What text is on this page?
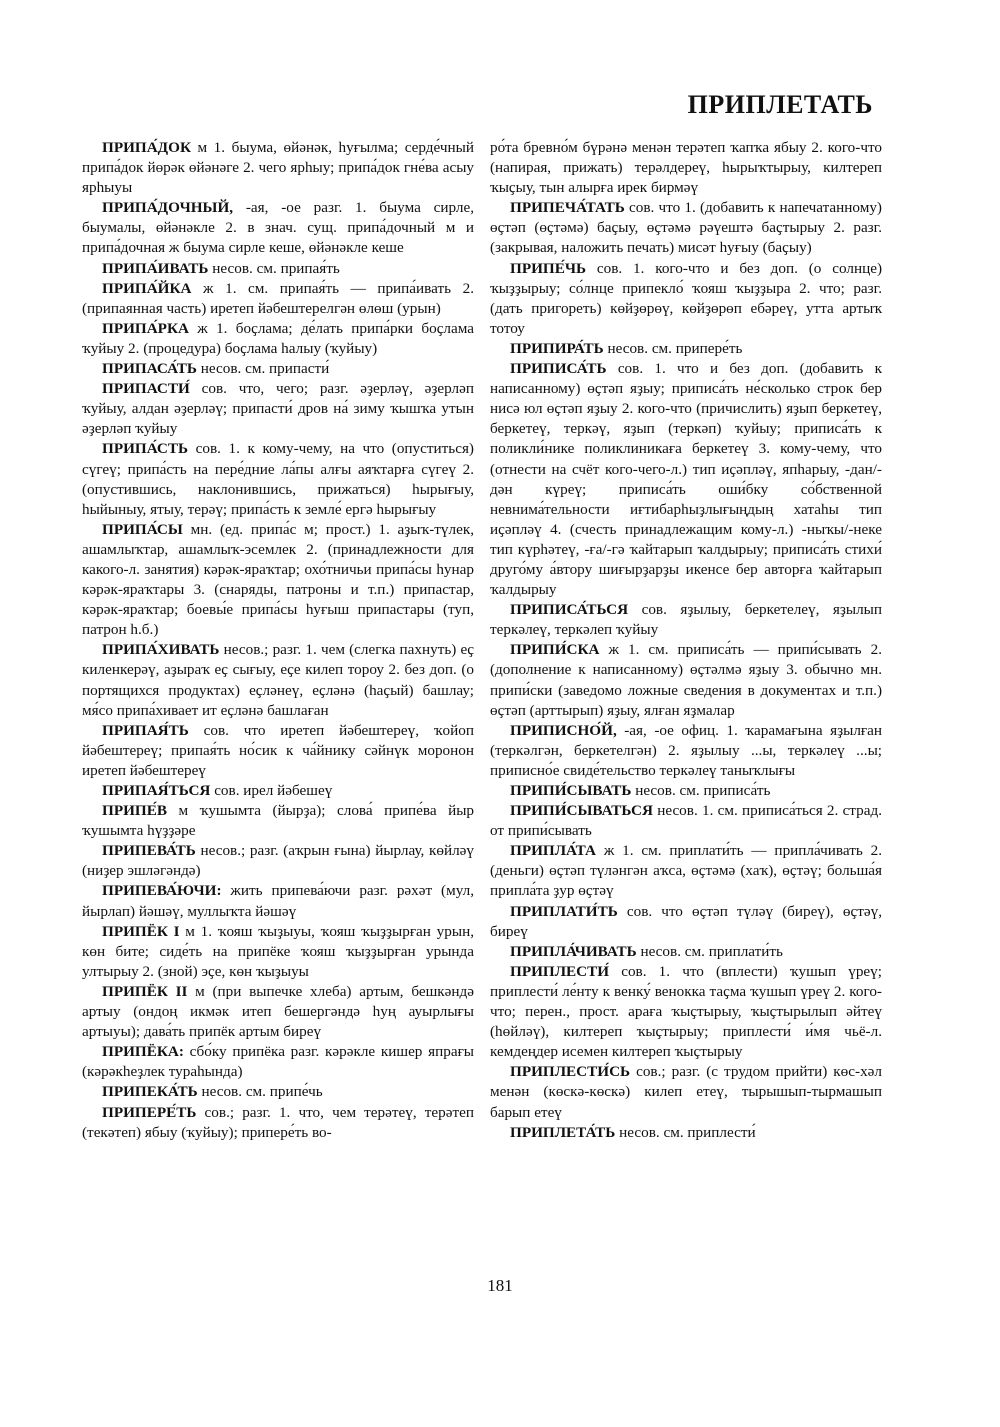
ПРИПЛЕТАТЬ

ПРИПА́ДОК м 1. быума, өйәнәк, һуғылма; серде́чный припа́док йөрәк өйәнәге 2. чего ярһыу; припа́док гне́ва асыу ярһыуы

ПРИПА́ДОЧНЫЙ, -ая, -ое разг. 1. быума сирле, быумалы, өйәнәкле 2. в знач. сущ. припа́дочный м и припа́дочная ж быума сирле кеше, өйәнәкле кеше

ПРИПА́ИВАТЬ несов. см. припая́ть

ПРИПА́ЙКА ж 1. см. припая́ть — припа́ивать 2. (припаянная часть) иретеп йәбештерелгән өлөш (урын)

ПРИПА́РКА ж 1. боҫлама; де́лать припа́рки боҫлама ҡуйыу 2. (процедура) боҫлама һалыу (ҡуйыу)

ПРИПАСА́ТЬ несов. см. припасти́

ПРИПАСТИ́ сов. что, чего; разг. әҙерләү, әҙерләп ҡуйыу, алдан әҙерләү; припасти́ дров на́ зиму ҡышҡа утын әҙерләп ҡуйыу

ПРИПА́СТЬ сов. 1. к кому-чему, на что (опуститься) сүгеү; припа́сть на пере́дние ла́пы алғы аяҡтарға сүгеү 2. (опустившись, наклонившись, прижаться) һырығыу, һыйыныу, ятыу, терәү; припа́сть к земле́ ергә һырығыу

ПРИПА́СЫ мн. (ед. припа́с м; прост.) 1. аҙыҡ-түлек, ашамлыҡтар, ашамлыҡ-эсемлек 2. (принадлежности для какого-л. занятия) кәрәк-яраҡтар; охо́тничьи припа́сы һунар кәрәк-яраҡтары 3. (снаряды, патроны и т.п.) припастар, кәрәк-яраҡтар; боевы́е припа́сы һуғыш припастары (туп, патрон һ.б.)

ПРИПА́ХИВАТЬ несов.; разг. 1. чем (слегка пахнуть) еҫ киленкерәү, аҙыраҡ еҫ сығыу, еҫе килеп тороу 2. без доп. (о портящихся продуктах) еҫләнеү, еҫләнә (һаҫый) башлау; мя́со припа́хивает ит еҫләнә башлаған

ПРИПАЯ́ТЬ сов. что иретеп йәбештереү, ҡойоп йәбештереү; припая́ть но́сик к ча́йнику сәйнүк моронон иретеп йәбештереү

ПРИПАЯ́ТЬСЯ сов. ирел йәбешеү

ПРИПЕ́В м ҡушымта (йырҙа); слова́ припе́ва йыр ҡушымта һүҙҙәре

ПРИПЕВА́ТЬ несов.; разг. (аҡрын ғына) йырлау, көйләү (ниҙер эшләгәндә)

ПРИПЕВА́ЮЧИ: жить припева́ючи разг. рәхәт (мул, йырлап) йәшәү, муллыҡта йәшәү

ПРИПЁК I м 1. ҡояш ҡыҙыуы, ҡояш ҡыҙҙырған урын, көн бите; сиде́ть на припёке ҡояш ҡыҙҙырған урында ултырыу 2. (зной) эҫе, көн ҡыҙыуы

ПРИПЁК II м (при выпечке хлеба) артым, бешкәндә артыу (ондоң икмәк итеп бешергәндә һуң ауырлығы артыуы); дава́ть припёк артым биреү

ПРИПЁКА: сбо́ку припёка разг. кәрәкле кишер япрағы (кәрәкһеҙлек тураһында)

ПРИПЕКА́ТЬ несов. см. припе́чь

ПРИПЕРЕ́ТЬ сов.; разг. 1. что, чем терәтеү, терәтеп (текәтеп) ябыу (ҡуйыу); припере́ть во-

ро́та бревно́м бүрәнә менән терәтеп ҡапҡа ябыу 2. кого-что (напирая, прижать) терәлдереү, һырыҡтырыу, килтереп ҡыҫыу, тын алырға ирек бирмәү

ПРИПЕЧА́ТАТЬ сов. что 1. (добавить к напечатанному) өҫтәп (өҫтәмә) баҫыу, өҫтәмә рәүештә баҫтырыу 2. разг. (закрывая, наложить печать) мисәт һуғыу (баҫыу)

ПРИПЕ́ЧЬ сов. 1. кого-что и без доп. (о солнце) ҡыҙҙырыу; со́лнце припекло́ ҡояш ҡыҙҙыра 2. что; разг. (дать пригореть) көйҙөрөү, көйҙөрөп ебәреү, утта артыҡ тотоу

ПРИПИРА́ТЬ несов. см. припере́ть

ПРИПИСА́ТЬ сов. 1. что и без доп. (добавить к написанному) өҫтәп яҙыу; приписа́ть не́сколько строк бер нисә юл өҫтәп яҙыу 2. кого-что (причислить) яҙып беркетеү, беркетеү, теркәү, яҙып (теркәп) ҡуйыу; приписа́ть к поликли́нике поликлиникаға беркетеү 3. кому-чему, что (отнести на счёт кого-чего-л.) тип иҫәпләү, япһарыу, -дан/-дән күреү; приписа́ть оши́бку со́бственной невнима́тельности иғтибарһыҙлығыңдың хатаһы тип иҫәпләү 4. (счесть принадлежащим кому-л.) -ныҡы/-неке тип күрһәтеү, -ға/-гә ҡайтарып ҡалдырыу; приписа́ть стихи́ друго́му а́втору шиғырҙарҙы икенсе бер авторға ҡайтарып ҡалдырыу

ПРИПИСА́ТЬСЯ сов. яҙылыу, беркетелеү, яҙылып теркәлеү, теркәлеп ҡуйыу

ПРИПИ́СКА ж 1. см. приписа́ть — припи́сывать 2. (дополнение к написанному) өҫтәлмә яҙыу 3. обычно мн. припи́ски (заведомо ложные сведения в документах и т.п.) өҫтәп (арттырып) яҙыу, ялған яҙмалар

ПРИПИСНО́Й, -ая, -ое офиц. 1. ҡарамағына яҙылған (теркәлгән, беркетелгән) 2. яҙылыу ...ы, теркәлеү ...ы; приписно́е свиде́тельство теркәлеү таныҡлығы

ПРИПИ́СЫВАТЬ несов. см. приписа́ть

ПРИПИ́СЫВАТЬСЯ несов. 1. см. приписа́ться 2. страд. от припи́сывать

ПРИПЛА́ТА ж 1. см. приплати́ть — припла́чивать 2. (деньги) өҫтәп түләнгән аҡса, өҫтәмә (хаҡ), өҫтәү; больша́я припла́та ҙур өҫтәү

ПРИПЛАТИ́ТЬ сов. что өҫтәп түләү (биреү), өҫтәү, биреү

ПРИПЛА́ЧИВАТЬ несов. см. приплати́ть

ПРИПЛЕСТИ́ сов. 1. что (вплести) ҡушып үреү; приплести́ ле́нту к венку́ венокка таҫма ҡушып үреү 2. кого-что; перен., прост. араға ҡыҫтырыу, ҡыҫтырылып әйтеү (һөйләү), килтереп ҡыҫтырыу; приплести́ и́мя чьё-л. кемдеңдер исемен килтереп ҡыҫтырыу

ПРИПЛЕСТИ́СЬ сов.; разг. (с трудом прийти) көс-хәл менән (көскә-көскә) килеп етеү, тырышып-тырмашып барып етеү

ПРИПЛЕТА́ТЬ несов. см. приплести́

181
